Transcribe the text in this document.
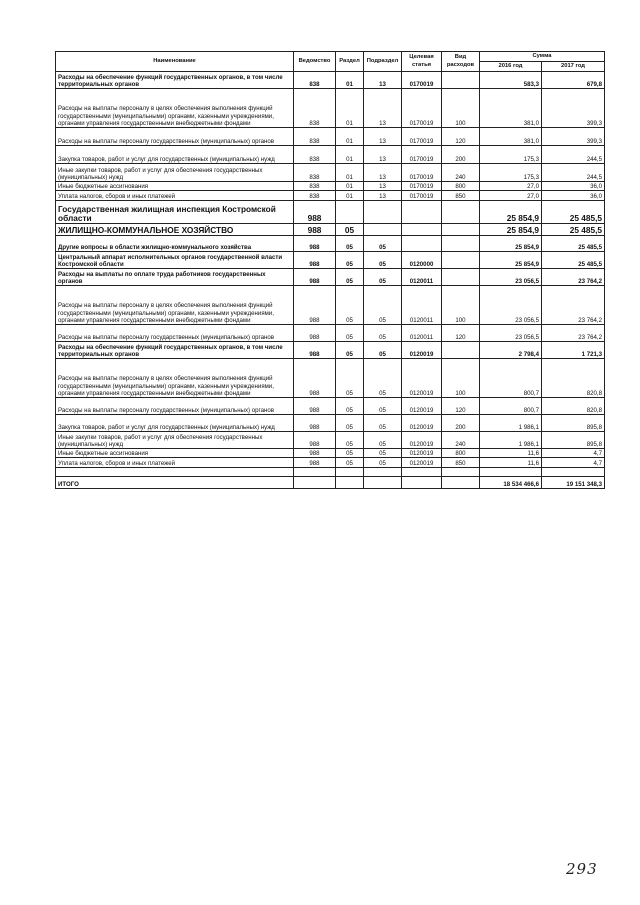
Наименование	Ведомство	Раздел	Подраздел	Целевая статья	Вид расходов	Сумма	
						2016 год	2017 год
Расходы на обеспечение функций государственных органов, в том числе территориальных органов	838	01	13	0170019		583,3	679,8
Расходы на выплаты персоналу в целях обеспечения выполнения функций государственными (муниципальными) органами, казенными учреждениями, органами управления государственными внебюджетными фондами	838	01	13	0170019	100	381,0	399,3
Расходы на выплаты персоналу государственных (муниципальных) органов	838	01	13	0170019	120	381,0	399,3
Закупка товаров, работ и услуг для государственных (муниципальных) нужд	838	01	13	0170019	200	175,3	244,5
Иные закупки товаров, работ и услуг для обеспечения государственных (муниципальных) нужд	838	01	13	0170019	240	175,3	244,5
Иные бюджетные ассигнования	838	01	13	0170019	800	27,0	36,0
Уплата налогов, сборов и иных платежей	838	01	13	0170019	850	27,0	36,0
Государственная жилищная инспекция Костромской области	988					25 854,9	25 485,5
ЖИЛИЩНО-КОММУНАЛЬНОЕ ХОЗЯЙСТВО	988	05				25 854,9	25 485,5
Другие вопросы в области жилищно-коммунального хозяйства	988	05	05			25 854,9	25 485,5
Центральный аппарат исполнительных органов государственной власти Костромской области	988	05	05	0120000		25 854,9	25 485,5
Расходы на выплаты по оплате труда работников государственных органов	988	05	05	0120011		23 056,5	23 764,2
Расходы на выплаты персоналу в целях обеспечения выполнения функций государственными (муниципальными) органами, казенными учреждениями, органами управления государственными внебюджетными фондами	988	05	05	0120011	100	23 056,5	23 764,2
Расходы на выплаты персоналу государственных (муниципальных) органов	988	05	05	0120011	120	23 056,5	23 764,2
Расходы на обеспечение функций государственных органов, в том числе территориальных органов	988	05	05	0120019		2 798,4	1 721,3
Расходы на выплаты персоналу в целях обеспечения выполнения функций государственными (муниципальными) органами, казенными учреждениями, органами управления государственными внебюджетными фондами	988	05	05	0120019	100	800,7	820,8
Расходы на выплаты персоналу государственных (муниципальных) органов	988	05	05	0120019	120	800,7	820,8
Закупка товаров, работ и услуг для государственных (муниципальных) нужд	988	05	05	0120019	200	1 986,1	895,8
Иные закупки товаров, работ и услуг для обеспечения государственных (муниципальных) нужд	988	05	05	0120019	240	1 986,1	895,8
Иные бюджетные ассигнования	988	05	05	0120019	800	11,6	4,7
Уплата налогов, сборов и иных платежей	988	05	05	0120019	850	11,6	4,7

ИТОГО						18 534 466,6	19 151 348,3
293
